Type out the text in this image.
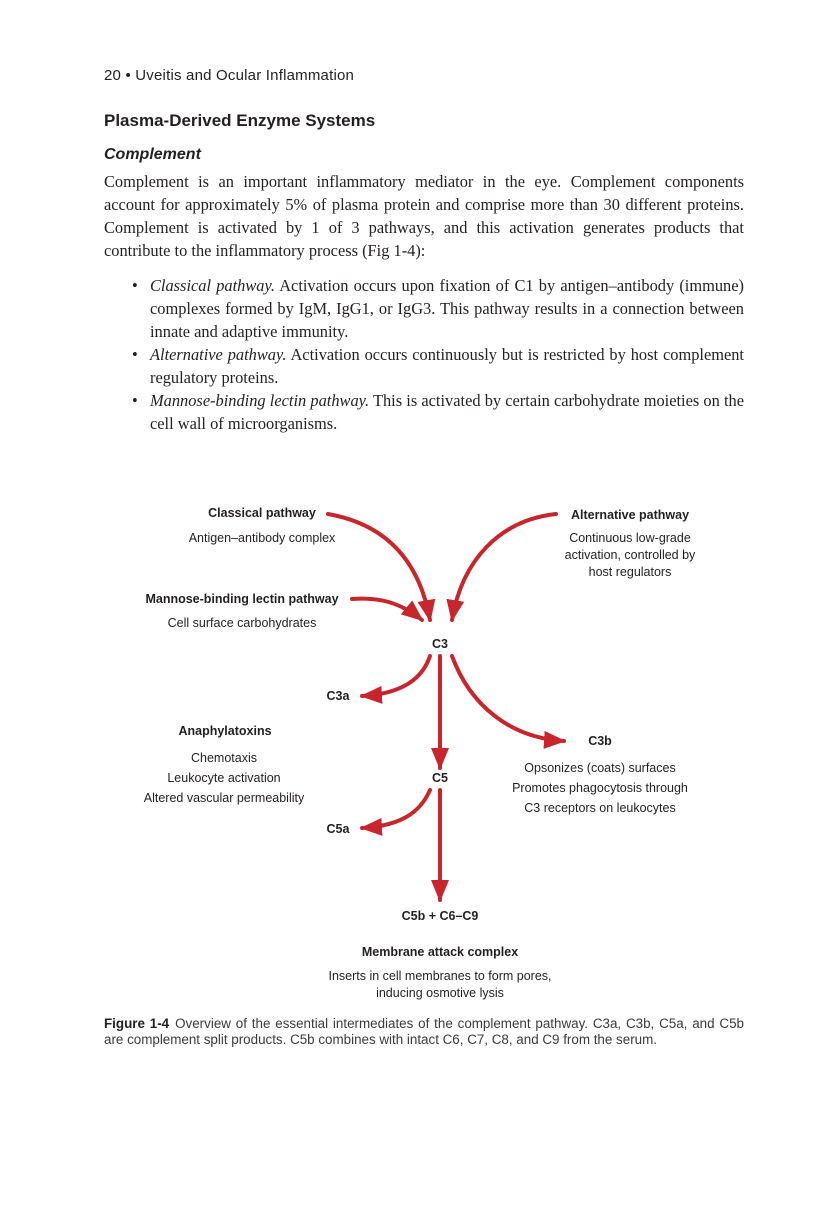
20 • Uveitis and Ocular Inflammation
Plasma-Derived Enzyme Systems
Complement
Complement is an important inflammatory mediator in the eye. Complement components account for approximately 5% of plasma protein and comprise more than 30 different proteins. Complement is activated by 1 of 3 pathways, and this activation generates products that contribute to the inflammatory process (Fig 1-4):
• Classical pathway. Activation occurs upon fixation of C1 by antigen–antibody (immune) complexes formed by IgM, IgG1, or IgG3. This pathway results in a connection between innate and adaptive immunity.
• Alternative pathway. Activation occurs continuously but is restricted by host complement regulatory proteins.
• Mannose-binding lectin pathway. This is activated by certain carbohydrate moieties on the cell wall of microorganisms.
Classical pathway
Antigen–antibody complex
Alternative pathway
Continuous low-grade
activation, controlled by
host regulators
Mannose-binding lectin pathway
Cell surface carbohydrates
C3
C3a
C3b
Anaphylatoxins
Chemotaxis
Leukocyte activation
Altered vascular permeability
Opsonizes (coats) surfaces
Promotes phagocytosis through
C3 receptors on leukocytes
C5
C5a
C5b + C6–C9
Membrane attack complex
Inserts in cell membranes to form pores,
inducing osmotive lysis
Figure 1-4 Overview of the essential intermediates of the complement pathway. C3a, C3b, C5a, and C5b are complement split products. C5b combines with intact C6, C7, C8, and C9 from the serum.
